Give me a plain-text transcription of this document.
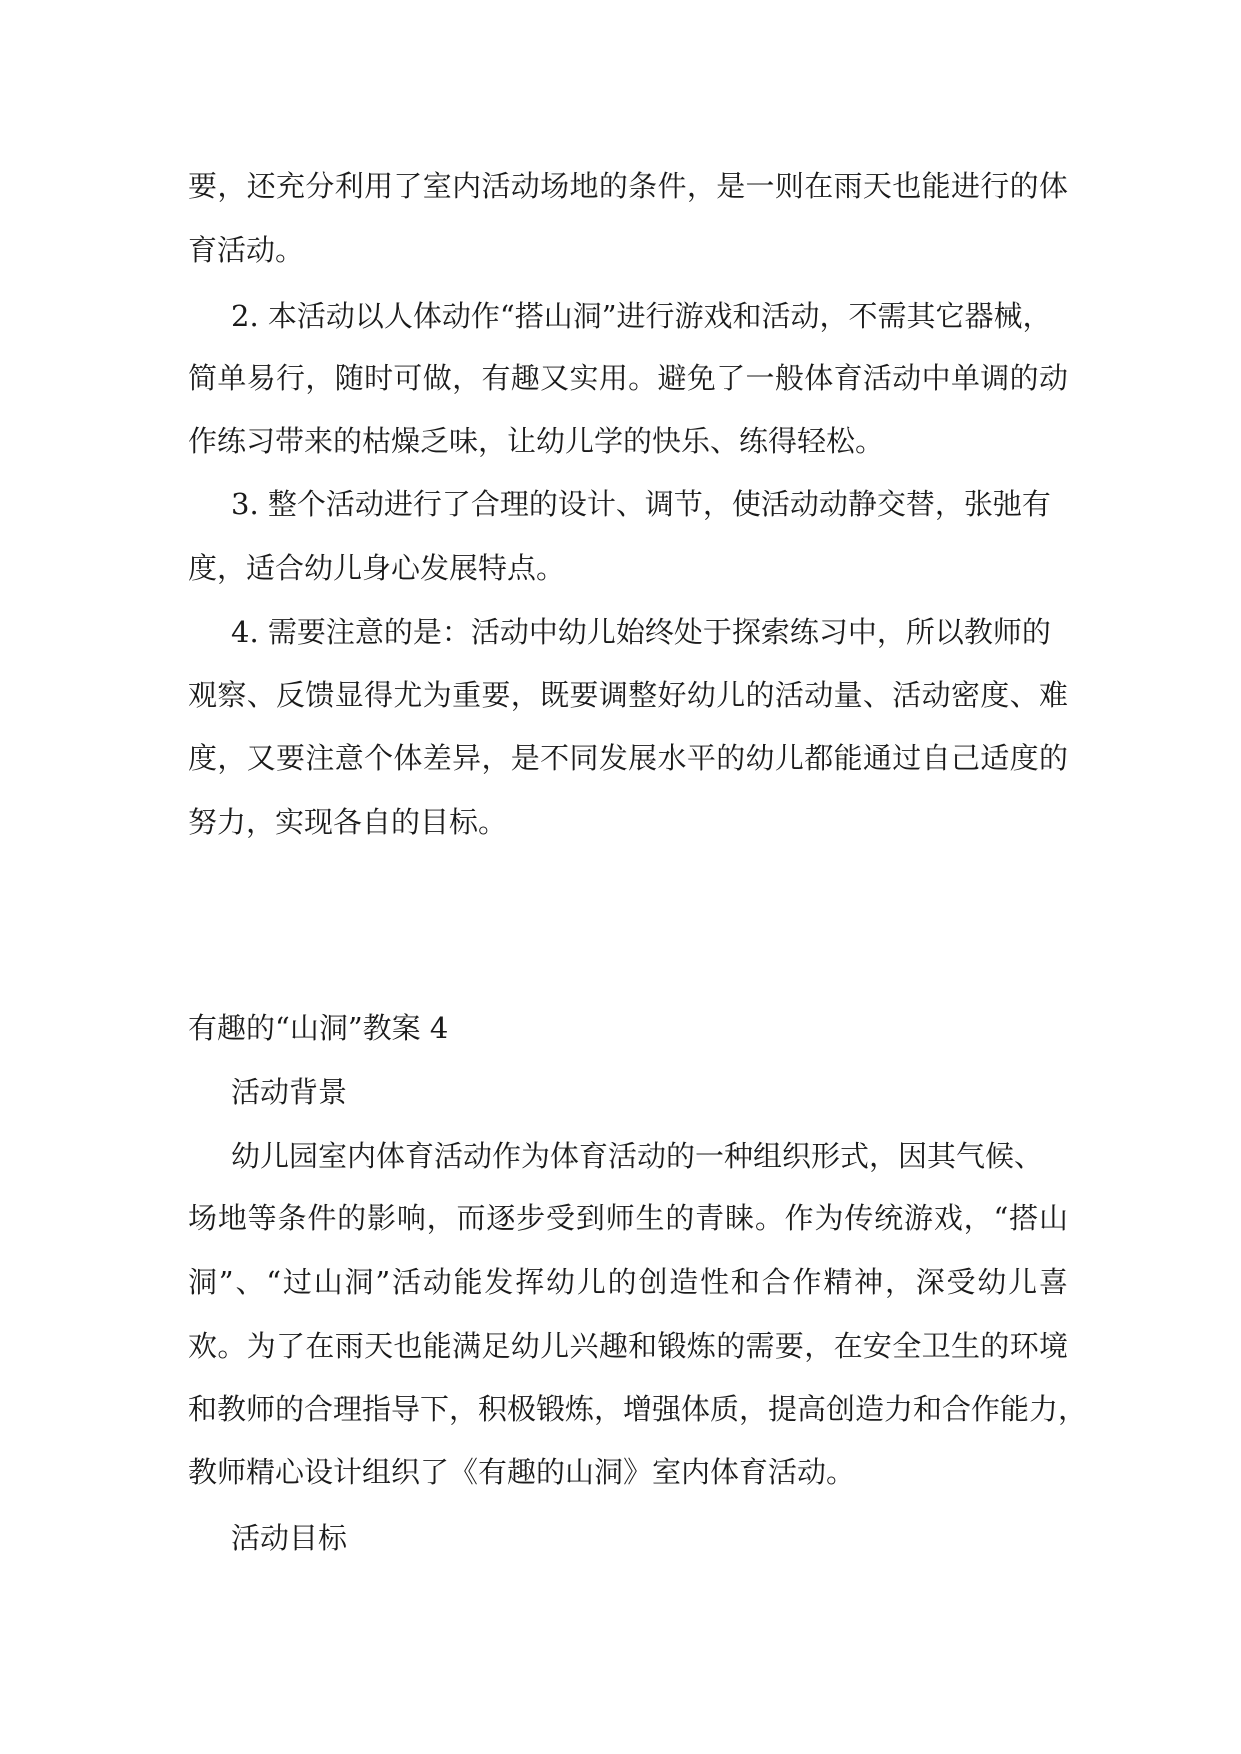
要，还充分利用了室内活动场地的条件，是一则在雨天也能进行的体
育活动。
2. 本活动以人体动作“搭山洞”进行游戏和活动，不需其它器械，
简单易行，随时可做，有趣又实用。避免了一般体育活动中单调的动
作练习带来的枯燥乏味，让幼儿学的快乐、练得轻松。
3. 整个活动进行了合理的设计、调节，使活动动静交替，张弛有
度，适合幼儿身心发展特点。
4. 需要注意的是：活动中幼儿始终处于探索练习中，所以教师的
观察、反馈显得尤为重要，既要调整好幼儿的活动量、活动密度、难
度，又要注意个体差异，是不同发展水平的幼儿都能通过自己适度的
努力，实现各自的目标。
有趣的“山洞”教案 4
活动背景
幼儿园室内体育活动作为体育活动的一种组织形式，因其气候、
场地等条件的影响，而逐步受到师生的青睐。作为传统游戏，“搭山
洞”、“过山洞”活动能发挥幼儿的创造性和合作精神，深受幼儿喜
欢。为了在雨天也能满足幼儿兴趣和锻炼的需要，在安全卫生的环境
和教师的合理指导下，积极锻炼，增强体质，提高创造力和合作能力，
教师精心设计组织了《有趣的山洞》室内体育活动。
活动目标
